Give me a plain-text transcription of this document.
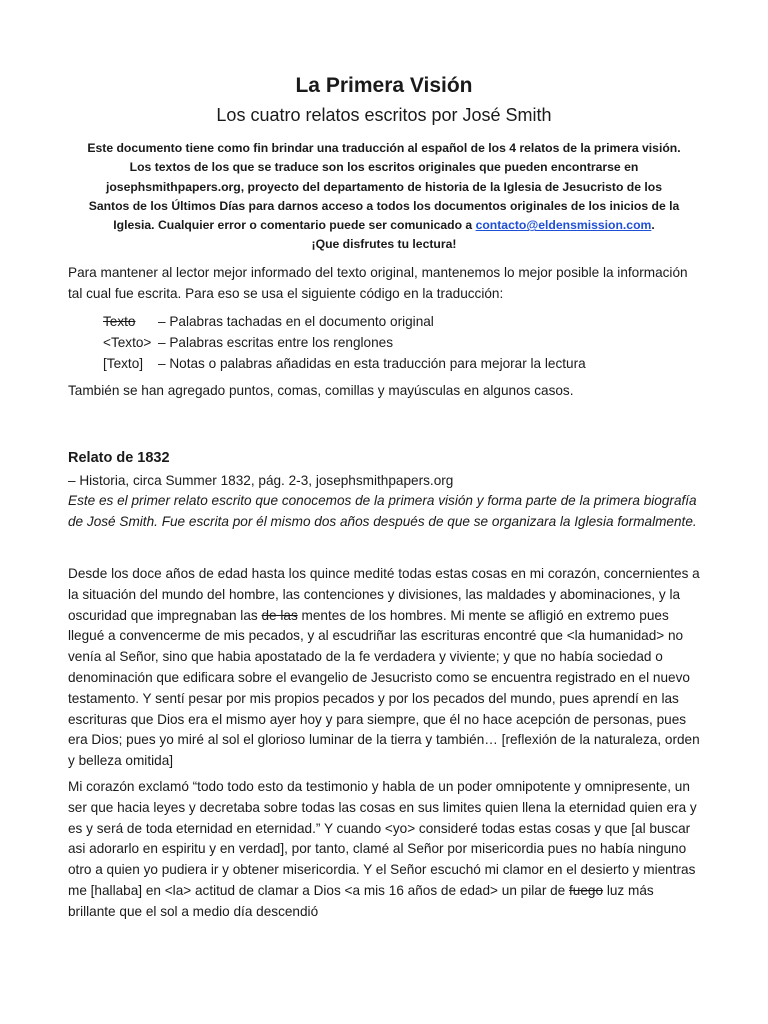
La Primera Visión
Los cuatro relatos escritos por José Smith

Este documento tiene como fin brindar una traducción al español de los 4 relatos de la primera visión. Los textos de los que se traduce son los escritos originales que pueden encontrarse en josephsmithpapers.org, proyecto del departamento de historia de la Iglesia de Jesucristo de los Santos de los Últimos Días para darnos acceso a todos los documentos originales de los inicios de la Iglesia. Cualquier error o comentario puede ser comunicado a contacto@eldensmission.com.
¡Que disfrutes tu lectura!

Para mantener al lector mejor informado del texto original, mantenemos lo mejor posible la información tal cual fue escrita. Para eso se usa el siguiente código en la traducción:

Texto	– Palabras tachadas en el documento original
<Texto> – Palabras escritas entre los renglones
[Texto]	– Notas o palabras añadidas en esta traducción para mejorar la lectura

También se han agregado puntos, comas, comillas y mayúsculas en algunos casos.

Relato de 1832
– Historia, circa Summer 1832, pág. 2-3, josephsmithpapers.org

Este es el primer relato escrito que conocemos de la primera visión y forma parte de la primera biografía de José Smith. Fue escrita por él mismo dos años después de que se organizara la Iglesia formalmente.

Desde los doce años de edad hasta los quince medité todas estas cosas en mi corazón, concernientes a la situación del mundo del hombre, las contenciones y divisiones, las maldades y abominaciones, y la oscuridad que impregnaban las de las mentes de los hombres. Mi mente se afligió en extremo pues llegué a convencerme de mis pecados, y al escudriñar las escrituras encontré que <la humanidad> no venía al Señor, sino que habia apostatado de la fe verdadera y viviente; y que no había sociedad o denominación que edificara sobre el evangelio de Jesucristo como se encuentra registrado en el nuevo testamento. Y sentí pesar por mis propios pecados y por los pecados del mundo, pues aprendí en las escrituras que Dios era el mismo ayer hoy y para siempre, que él no hace acepción de personas, pues era Dios; pues yo miré al sol el glorioso luminar de la tierra y también… [reflexión de la naturaleza, orden y belleza omitida]

Mi corazón exclamó “todo todo esto da testimonio y habla de un poder omnipotente y omnipresente, un ser que hacia leyes y decretaba sobre todas las cosas en sus limites quien llena la eternidad quien era y es y será de toda eternidad en eternidad.” Y cuando <yo> consideré todas estas cosas y que [al buscar asi adorarlo en espiritu y en verdad], por tanto, clamé al Señor por misericordia pues no había ninguno otro a quien yo pudiera ir y obtener misericordia. Y el Señor escuchó mi clamor en el desierto y mientras me [hallaba] en <la> actitud de clamar a Dios <a mis 16 años de edad> un pilar de fuego luz más brillante que el sol a medio día descendió
